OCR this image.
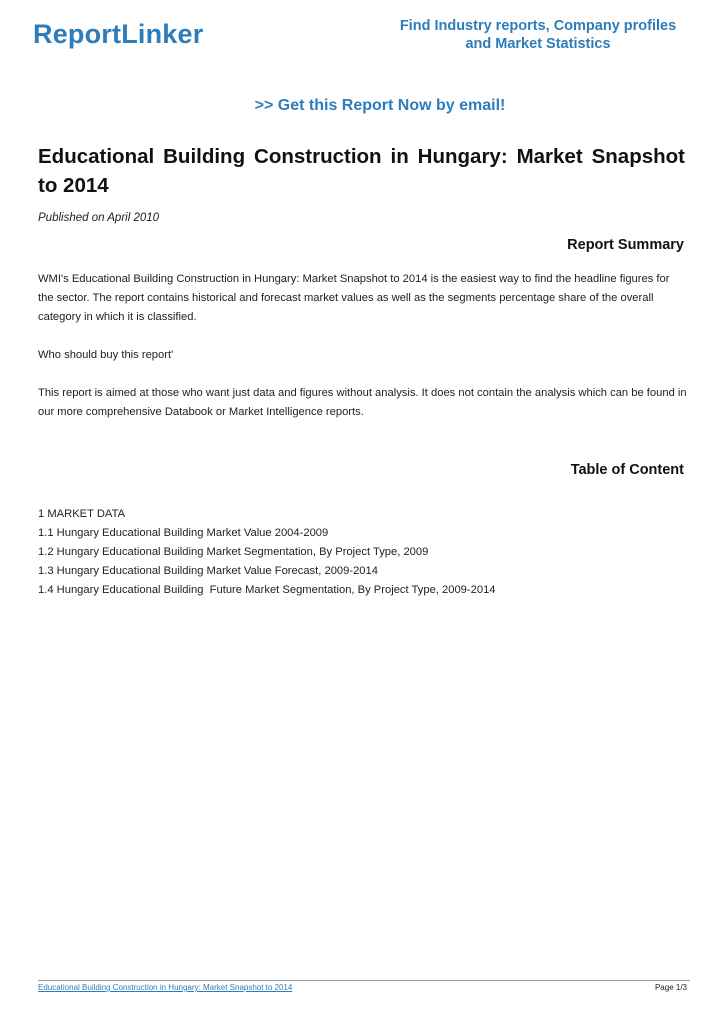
ReportLinker	Find Industry reports, Company profiles
and Market Statistics
>> Get this Report Now by email!
Educational Building Construction in Hungary: Market Snapshot to 2014
Published on April 2010
Report Summary

WMI's Educational Building Construction in Hungary: Market Snapshot to 2014 is the easiest way to find the headline figures for the sector. The report contains historical and forecast market values as well as the segments percentage share of the overall category in which it is classified.

Who should buy this report'

This report is aimed at those who want just data and figures without analysis. It does not contain the analysis which can be found in our more comprehensive Databook or Market Intelligence reports.

Table of Content
1 MARKET DATA
1.1 Hungary Educational Building Market Value 2004-2009
1.2 Hungary Educational Building Market Segmentation, By Project Type, 2009
1.3 Hungary Educational Building Market Value Forecast, 2009-2014
1.4 Hungary Educational Building  Future Market Segmentation, By Project Type, 2009-2014
Educational Building Construction in Hungary: Market Snapshot to 2014	Page 1/3
